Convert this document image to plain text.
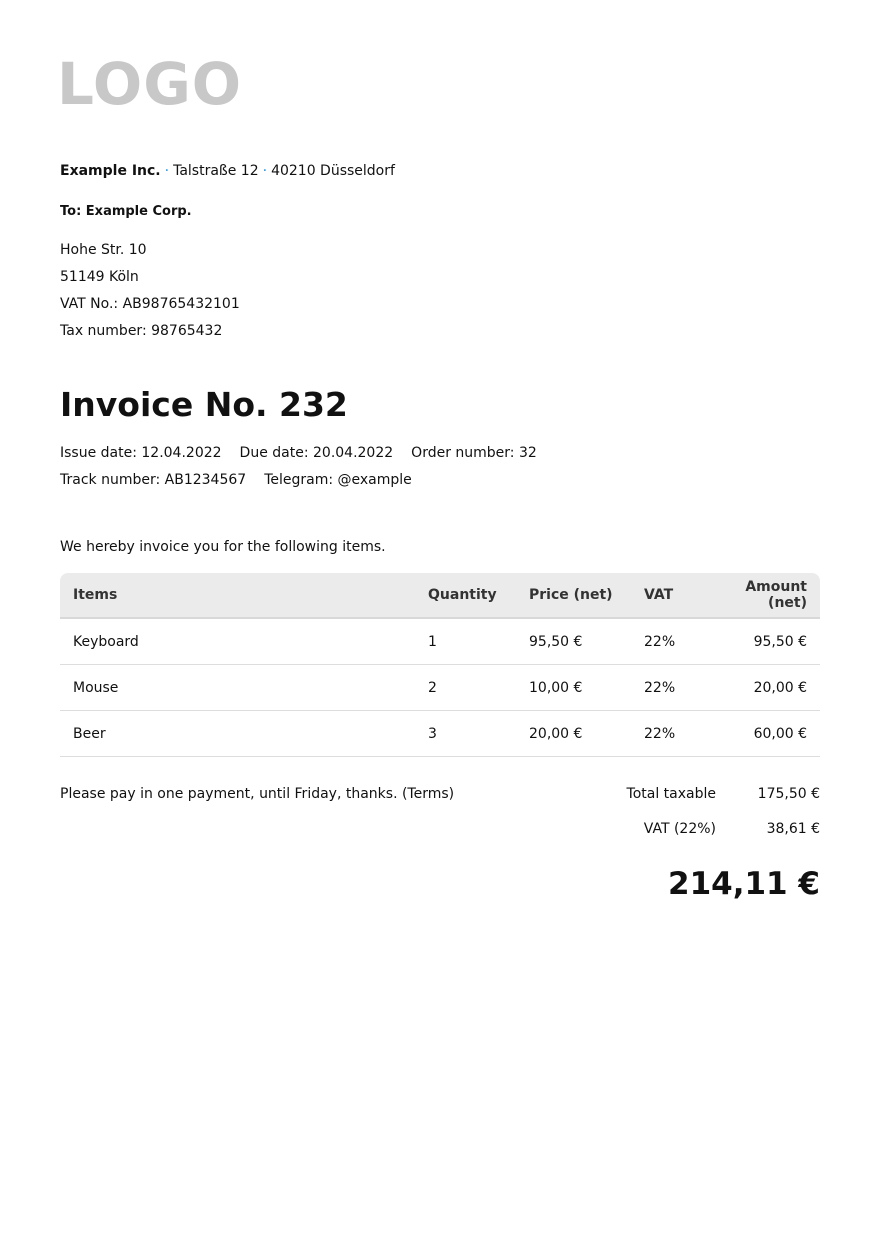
LOGO
Example Inc. · Talstraße 12 · 40210 Düsseldorf
To: Example Corp.
Hohe Str. 10
51149 Köln
VAT No.: AB98765432101
Tax number: 98765432
Invoice No. 232
Issue date: 12.04.2022 Due date: 20.04.2022 Order number: 32
Track number: AB1234567 Telegram: @example
We hereby invoice you for the following items.
Items	Quantity	Price (net)	VAT	Amount (net)
Keyboard	1	95,50 €	22%	95,50 €
Mouse	2	10,00 €	22%	20,00 €
Beer	3	20,00 €	22%	60,00 €
Please pay in one payment, until Friday, thanks. (Terms)	Total taxable	175,50 €
VAT (22%)	38,61 €
214,11 €
